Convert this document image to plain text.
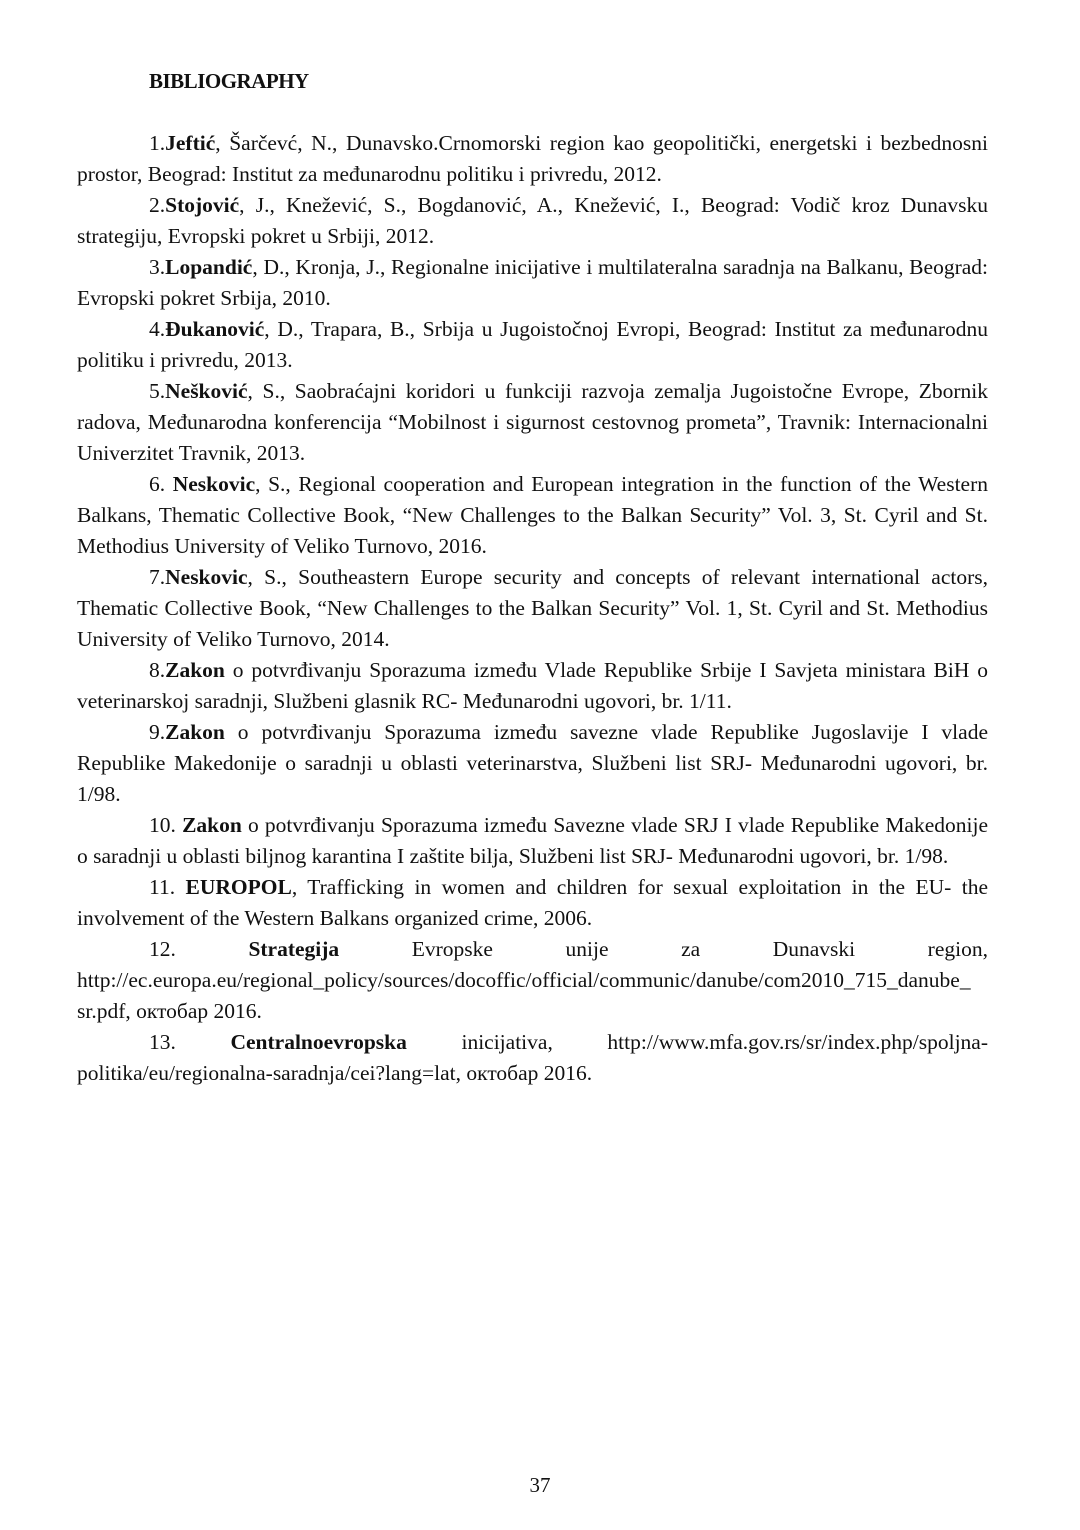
BIBLIOGRAPHY

1.Jeftić, Šarčevć, N., Dunavsko.Crnomorski region kao geopolitički, energetski i bezbednosni prostor, Beograd: Institut za međunarodnu politiku i privredu, 2012.

2.Stojović, J., Knežević, S., Bogdanović, A., Knežević, I., Beograd: Vodič kroz Dunavsku strategiju, Evropski pokret u Srbiji, 2012.

3.Lopandić, D., Kronja, J., Regionalne inicijative i multilateralna saradnja na Balkanu, Beograd: Evropski pokret Srbija, 2010.

4.Đukanović, D., Trapara, B., Srbija u Jugoistočnoj Evropi, Beograd: Institut za međunarodnu politiku i privredu, 2013.

5.Nešković, S., Saobraćajni koridori u funkciji razvoja zemalja Jugoistočne Evrope, Zbornik radova, Međunarodna konferencija “Mobilnost i sigurnost cestovnog prometa”, Travnik: Internacionalni Univerzitet Travnik, 2013.

6. Neskovic, S., Regional cooperation and European integration in the function of the Western Balkans, Thematic Collective Book, “New Challenges to the Balkan Security” Vol. 3, St. Cyril and St. Methodius University of Veliko Turnovo, 2016.

7.Neskovic, S., Southeastern Europe security and concepts of relevant international actors, Thematic Collective Book, “New Challenges to the Balkan Security” Vol. 1, St. Cyril and St. Methodius University of Veliko Turnovo, 2014.

8.Zakon o potvrđivanju Sporazuma između Vlade Republike Srbije I Savjeta ministara BiH o veterinarskoj saradnji, Službeni glasnik RC- Međunarodni ugovori, br. 1/11.

9.Zakon o potvrđivanju Sporazuma između savezne vlade Republike Jugoslavije I vlade Republike Makedonije o saradnji u oblasti veterinarstva, Službeni list SRJ- Međunarodni ugovori, br. 1/98.

10. Zakon o potvrđivanju Sporazuma između Savezne vlade SRJ I vlade Republike Makedonije o saradnji u oblasti biljnog karantina I zaštite bilja, Službeni list SRJ- Međunarodni ugovori, br. 1/98.

11. EUROPOL, Trafficking in women and children for sexual exploitation in the EU- the involvement of the Western Balkans organized crime, 2006.

12.	Strategija Evropske unije za Dunavski region, http://ec.europa.eu/regional_policy/sources/docoffic/official/communic/danube/com2010_715_danube_ sr.pdf, октобар 2016.

13.	Centralnoevropska inicijativa, http://www.mfa.gov.rs/sr/index.php/spoljna-politika/eu/regionalna-saradnja/cei?lang=lat, октобар 2016.

37
